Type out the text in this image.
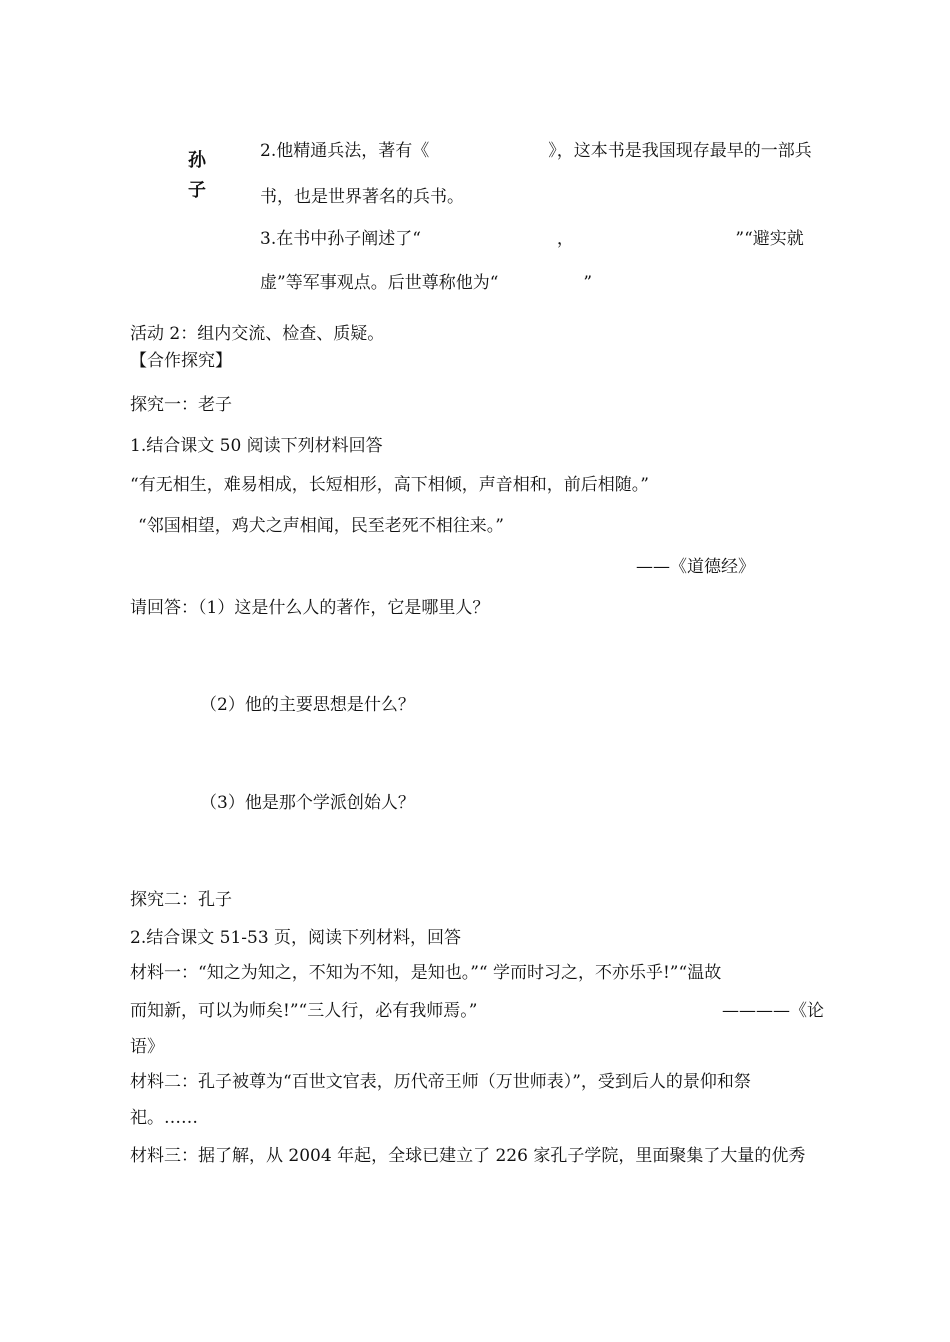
孙
子
2.他精通兵法，著有《　　　　　　　》，这本书是我国现存最早的一部兵
书，也是世界著名的兵书。
3.在书中孙子阐述了“　　　　　　　　，　　　　　　　　　　”“避实就
虚”等军事观点。后世尊称他为“　　　　　”
活动 2：组内交流、检查、质疑。
【合作探究】
探究一：老子
1.结合课文 50 阅读下列材料回答
“有无相生，难易相成，长短相形，高下相倾，声音相和，前后相随。”
“邻国相望，鸡犬之声相闻，民至老死不相往来。”
——《道德经》
请回答：（1）这是什么人的著作，它是哪里人？
（2）他的主要思想是什么？
（3）他是那个学派创始人？
探究二：孔子
2.结合课文 51-53 页，阅读下列材料，回答
材料一：“知之为知之，不知为不知，是知也。”“ 学而时习之，不亦乐乎!”“温故
而知新，可以为师矣!”“三人行，必有我师焉。”	————《论
语》
材料二：孔子被尊为“百世文官表，历代帝王师（万世师表）”，受到后人的景仰和祭
祀。……
材料三：据了解，从 2004 年起，全球已建立了 226 家孔子学院，里面聚集了大量的优秀
